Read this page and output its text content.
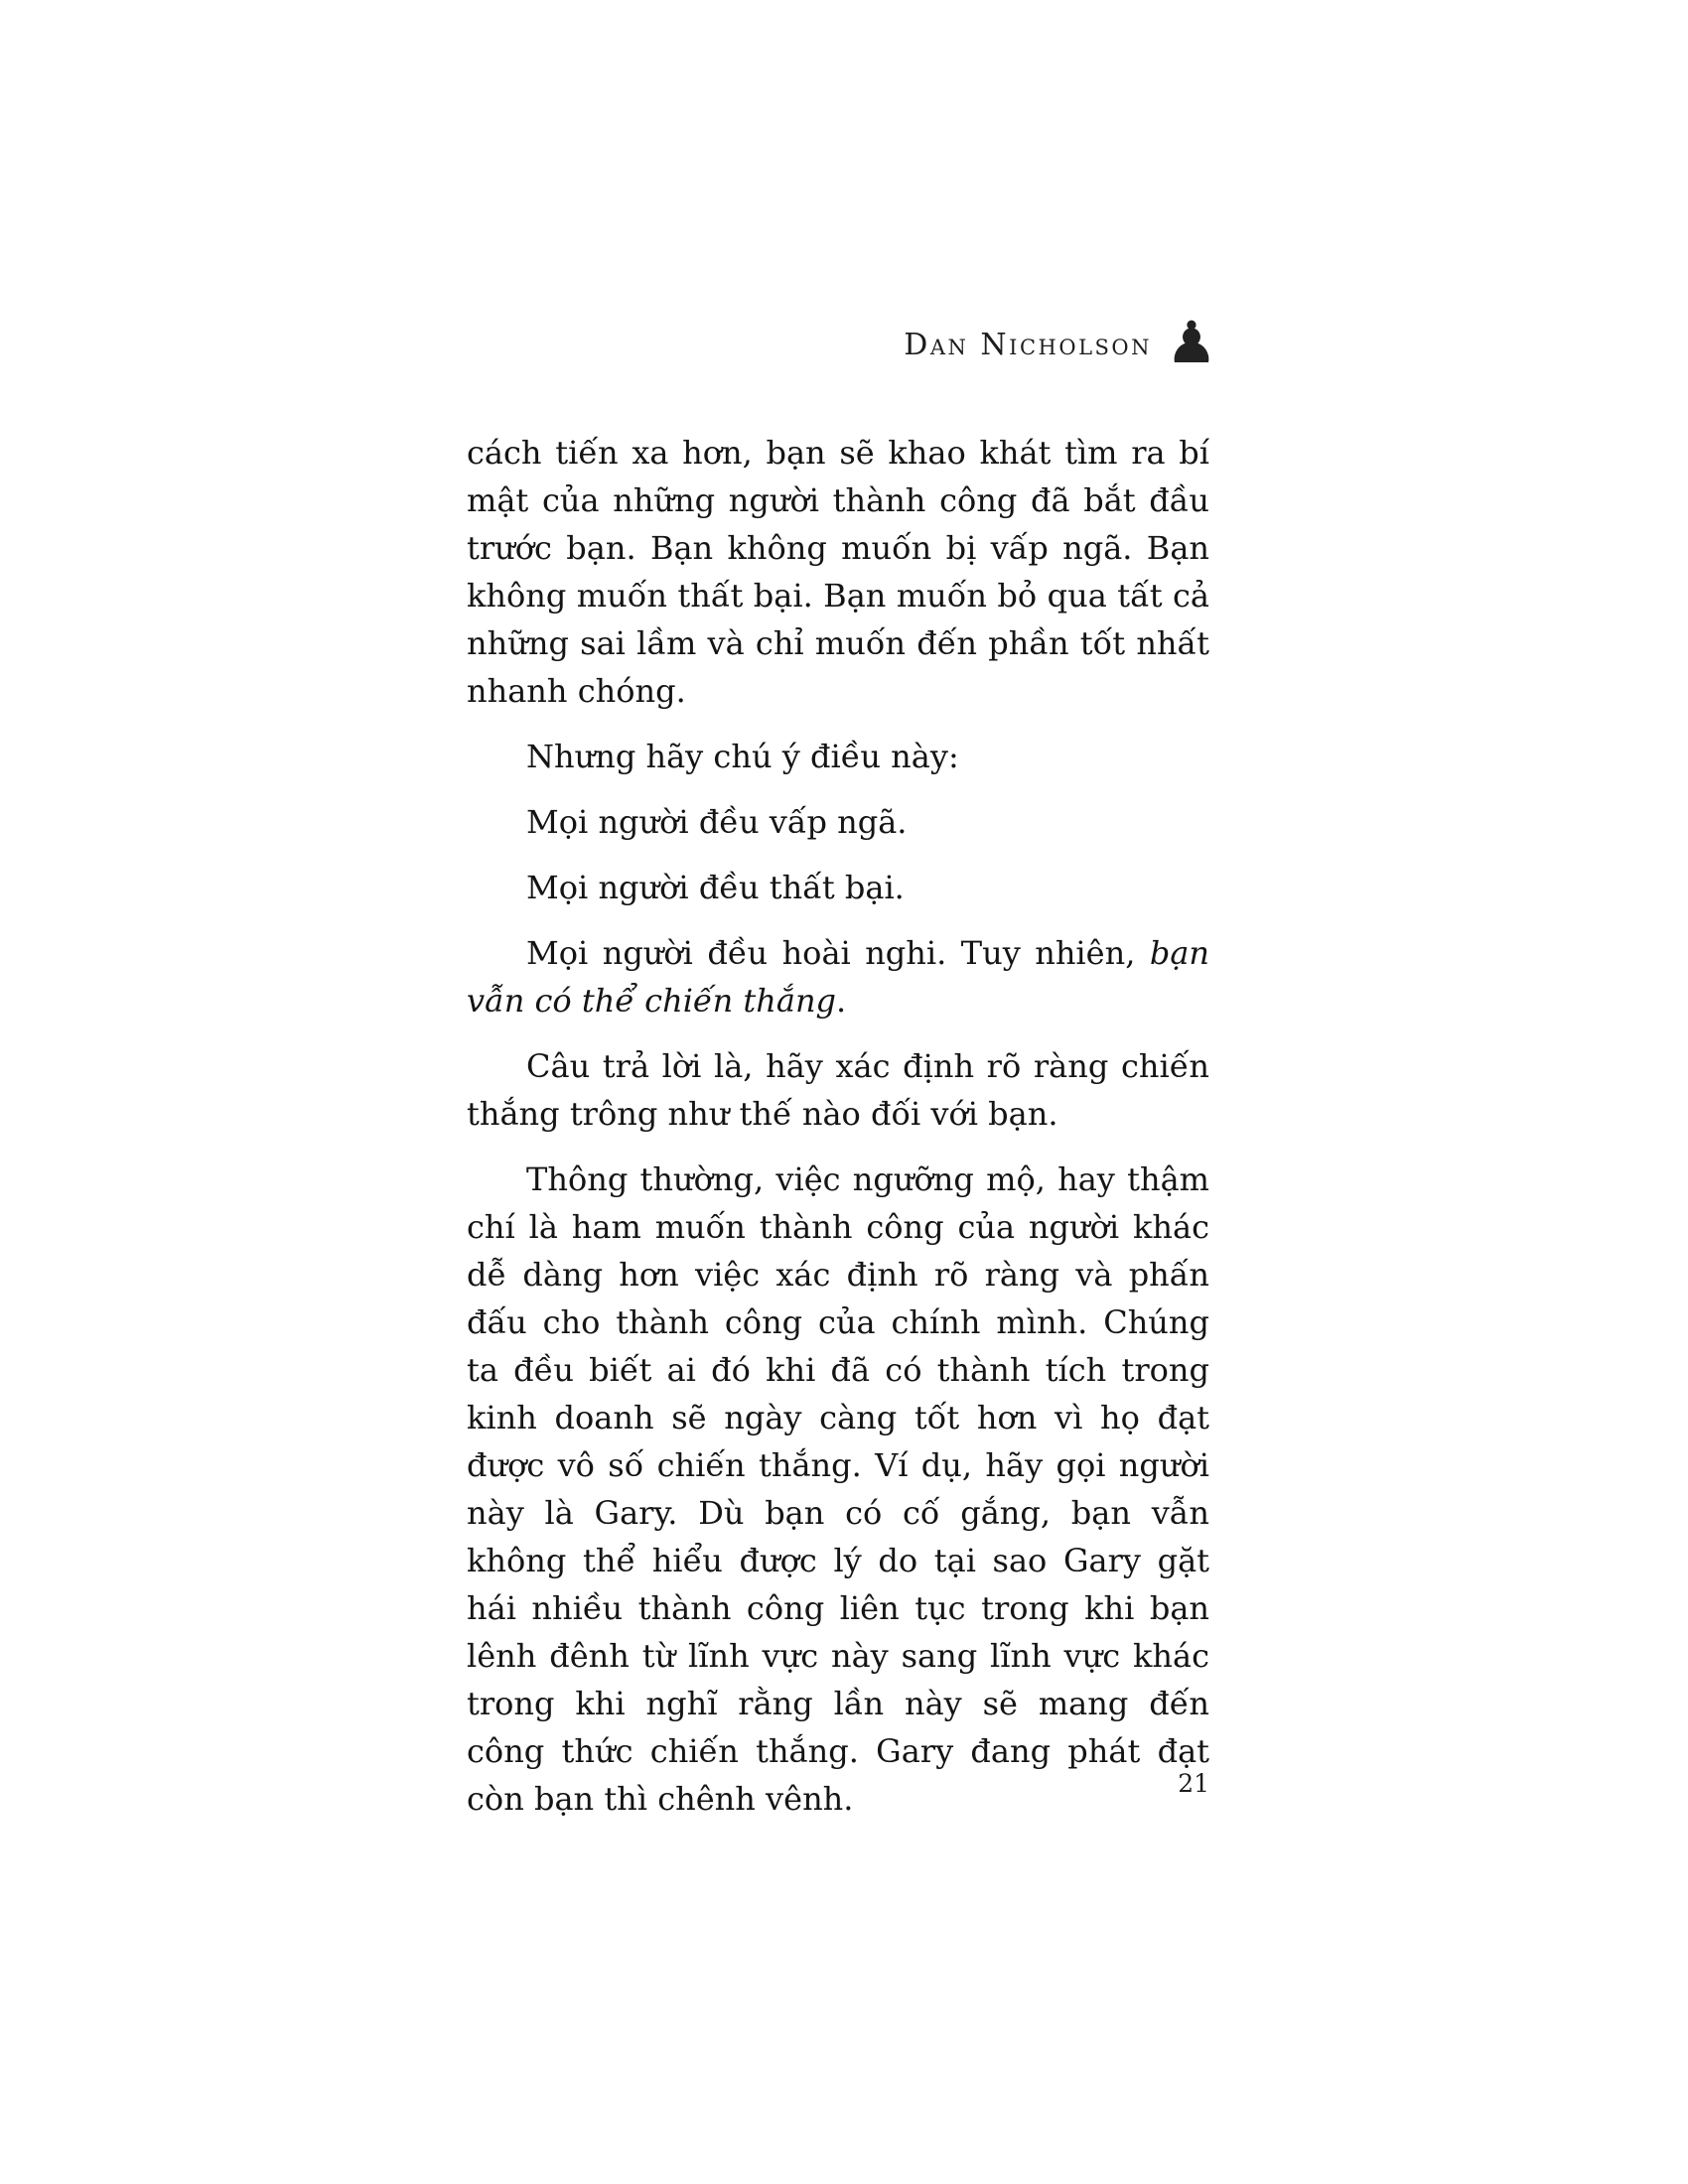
Dan Nicholson ♟

cách tiến xa hơn, bạn sẽ khao khát tìm ra bí mật của những người thành công đã bắt đầu trước bạn. Bạn không muốn bị vấp ngã. Bạn không muốn thất bại. Bạn muốn bỏ qua tất cả những sai lầm và chỉ muốn đến phần tốt nhất nhanh chóng.

Nhưng hãy chú ý điều này:

Mọi người đều vấp ngã.

Mọi người đều thất bại.

Mọi người đều hoài nghi. Tuy nhiên, bạn vẫn có thể chiến thắng.

Câu trả lời là, hãy xác định rõ ràng chiến thắng trông như thế nào đối với bạn.

Thông thường, việc ngưỡng mộ, hay thậm chí là ham muốn thành công của người khác dễ dàng hơn việc xác định rõ ràng và phấn đấu cho thành công của chính mình. Chúng ta đều biết ai đó khi đã có thành tích trong kinh doanh sẽ ngày càng tốt hơn vì họ đạt được vô số chiến thắng. Ví dụ, hãy gọi người này là Gary. Dù bạn có cố gắng, bạn vẫn không thể hiểu được lý do tại sao Gary gặt hái nhiều thành công liên tục trong khi bạn lênh đênh từ lĩnh vực này sang lĩnh vực khác trong khi nghĩ rằng lần này sẽ mang đến công thức chiến thắng. Gary đang phát đạt còn bạn thì chênh vênh.	21
